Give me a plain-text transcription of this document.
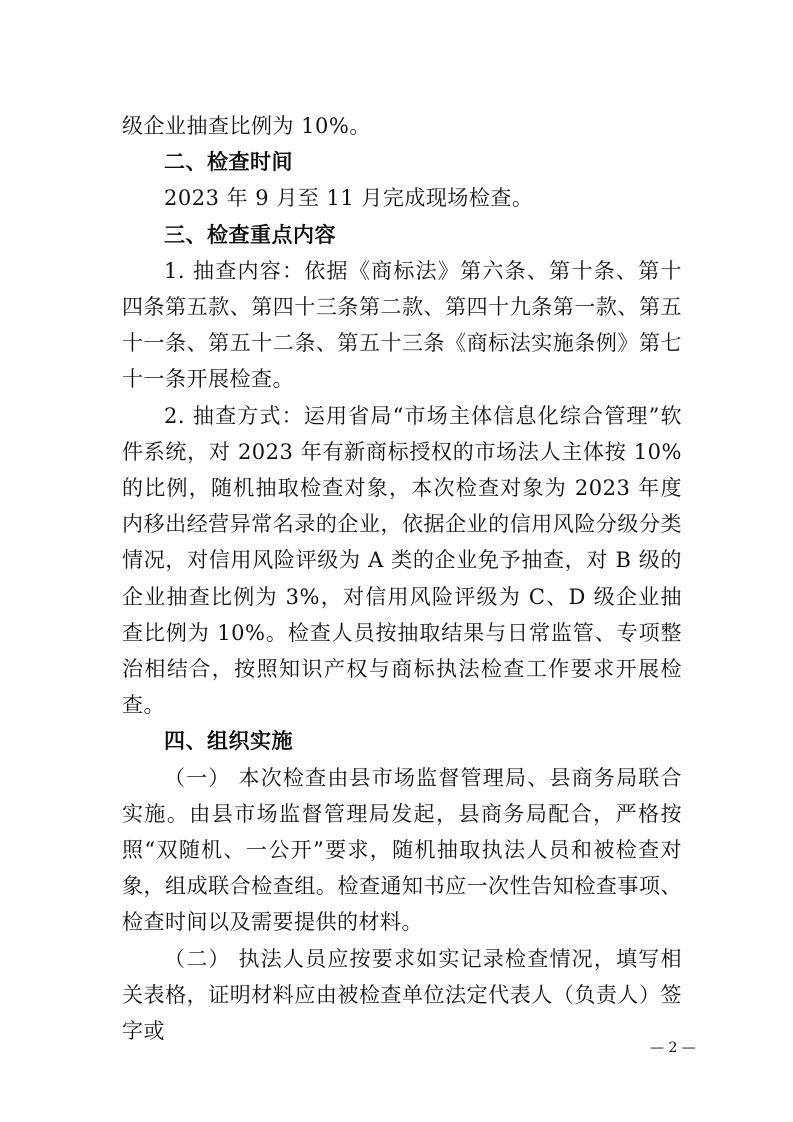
级企业抽查比例为 10%。

二、检查时间

2023 年 9 月至 11 月完成现场检查。

三、检查重点内容

1. 抽查内容：依据《商标法》第六条、第十条、第十四条第五款、第四十三条第二款、第四十九条第一款、第五十一条、第五十二条、第五十三条《商标法实施条例》第七十一条开展检查。

2. 抽查方式：运用省局“市场主体信息化综合管理”软件系统，对 2023 年有新商标授权的市场法人主体按 10%的比例，随机抽取检查对象，本次检查对象为 2023 年度内移出经营异常名录的企业，依据企业的信用风险分级分类情况，对信用风险评级为 A 类的企业免予抽查，对 B 级的企业抽查比例为 3%，对信用风险评级为 C、D 级企业抽查比例为 10%。检查人员按抽取结果与日常监管、专项整治相结合，按照知识产权与商标执法检查工作要求开展检查。

四、组织实施

（一） 本次检查由县市场监督管理局、县商务局联合实施。由县市场监督管理局发起，县商务局配合，严格按照“双随机、一公开”要求，随机抽取执法人员和被检查对象，组成联合检查组。检查通知书应一次性告知检查事项、检查时间以及需要提供的材料。

（二） 执法人员应按要求如实记录检查情况，填写相关表格，证明材料应由被检查单位法定代表人（负责人）签字或

— 2 —
